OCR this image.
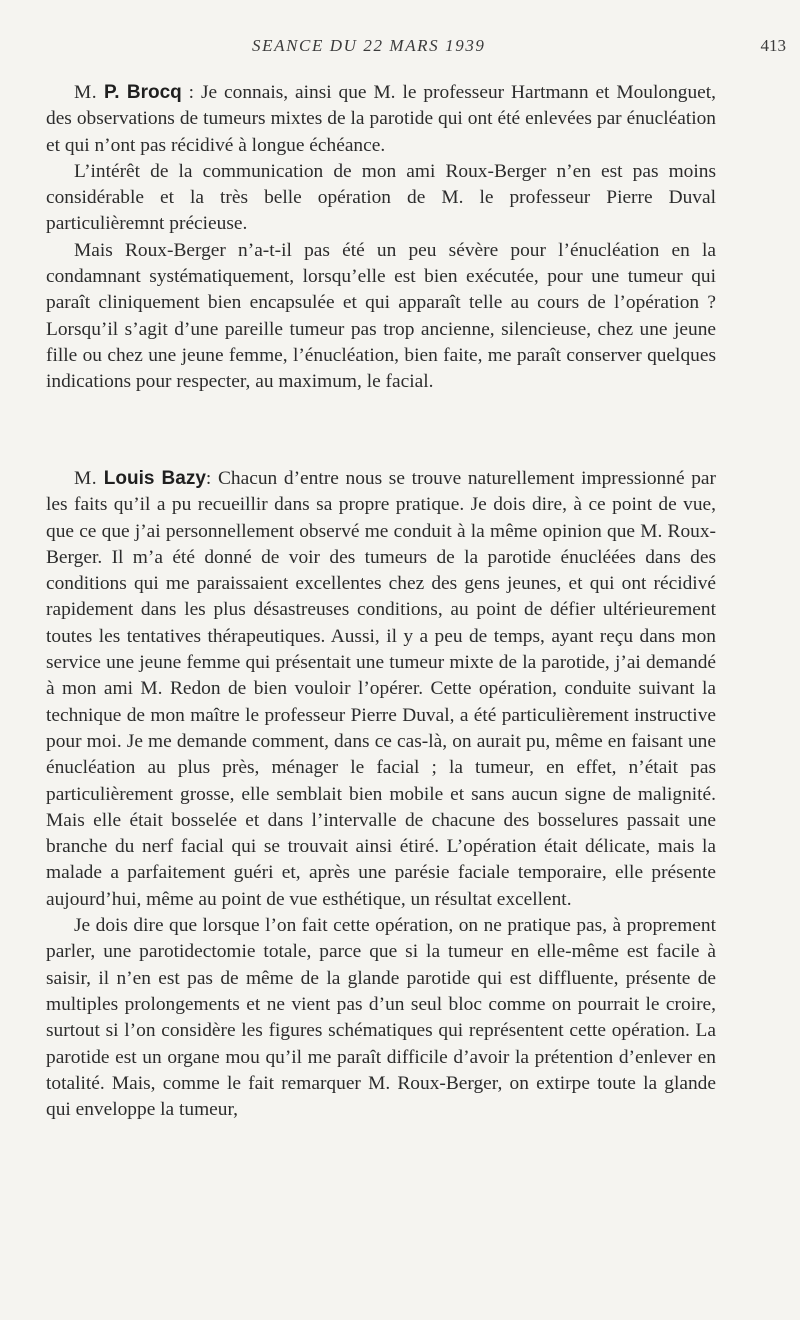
SEANCE DU 22 MARS 1939	413

M. P. Brocq : Je connais, ainsi que M. le professeur Hartmann et Moulonguet, des observations de tumeurs mixtes de la parotide qui ont été enlevées par énucléation et qui n’ont pas récidivé à longue échéance.

L’intérêt de la communication de mon ami Roux-Berger n’en est pas moins considérable et la très belle opération de M. le professeur Pierre Duval particulièremnt précieuse.

Mais Roux-Berger n’a-t-il pas été un peu sévère pour l’énucléation en la condamnant systématiquement, lorsqu’elle est bien exécutée, pour une tumeur qui paraît cliniquement bien encapsulée et qui apparaît telle au cours de l’opération ? Lorsqu’il s’agit d’une pareille tumeur pas trop ancienne, silencieuse, chez une jeune fille ou chez une jeune femme, l’énucléation, bien faite, me paraît conserver quelques indications pour respecter, au maximum, le facial.

M. Louis Bazy: Chacun d’entre nous se trouve naturellement impressionné par les faits qu’il a pu recueillir dans sa propre pratique. Je dois dire, à ce point de vue, que ce que j’ai personnellement observé me conduit à la même opinion que M. Roux-Berger. Il m’a été donné de voir des tumeurs de la parotide énucléées dans des conditions qui me paraissaient excellentes chez des gens jeunes, et qui ont récidivé rapidement dans les plus désastreuses conditions, au point de défier ultérieurement toutes les tentatives thérapeutiques. Aussi, il y a peu de temps, ayant reçu dans mon service une jeune femme qui présentait une tumeur mixte de la parotide, j’ai demandé à mon ami M. Redon de bien vouloir l’opérer. Cette opération, conduite suivant la technique de mon maître le professeur Pierre Duval, a été particulièrement instructive pour moi. Je me demande comment, dans ce cas-là, on aurait pu, même en faisant une énucléation au plus près, ménager le facial ; la tumeur, en effet, n’était pas particulièrement grosse, elle semblait bien mobile et sans aucun signe de malignité. Mais elle était bosselée et dans l’intervalle de chacune des bosselures passait une branche du nerf facial qui se trouvait ainsi étiré. L’opération était délicate, mais la malade a parfaitement guéri et, après une parésie faciale temporaire, elle présente aujourd’hui, même au point de vue esthétique, un résultat excellent.

Je dois dire que lorsque l’on fait cette opération, on ne pratique pas, à proprement parler, une parotidectomie totale, parce que si la tumeur en elle-même est facile à saisir, il n’en est pas de même de la glande parotide qui est diffluente, présente de multiples prolongements et ne vient pas d’un seul bloc comme on pourrait le croire, surtout si l’on considère les figures schématiques qui représentent cette opération. La parotide est un organe mou qu’il me paraît difficile d’avoir la prétention d’enlever en totalité. Mais, comme le fait remarquer M. Roux-Berger, on extirpe toute la glande qui enveloppe la tumeur,
